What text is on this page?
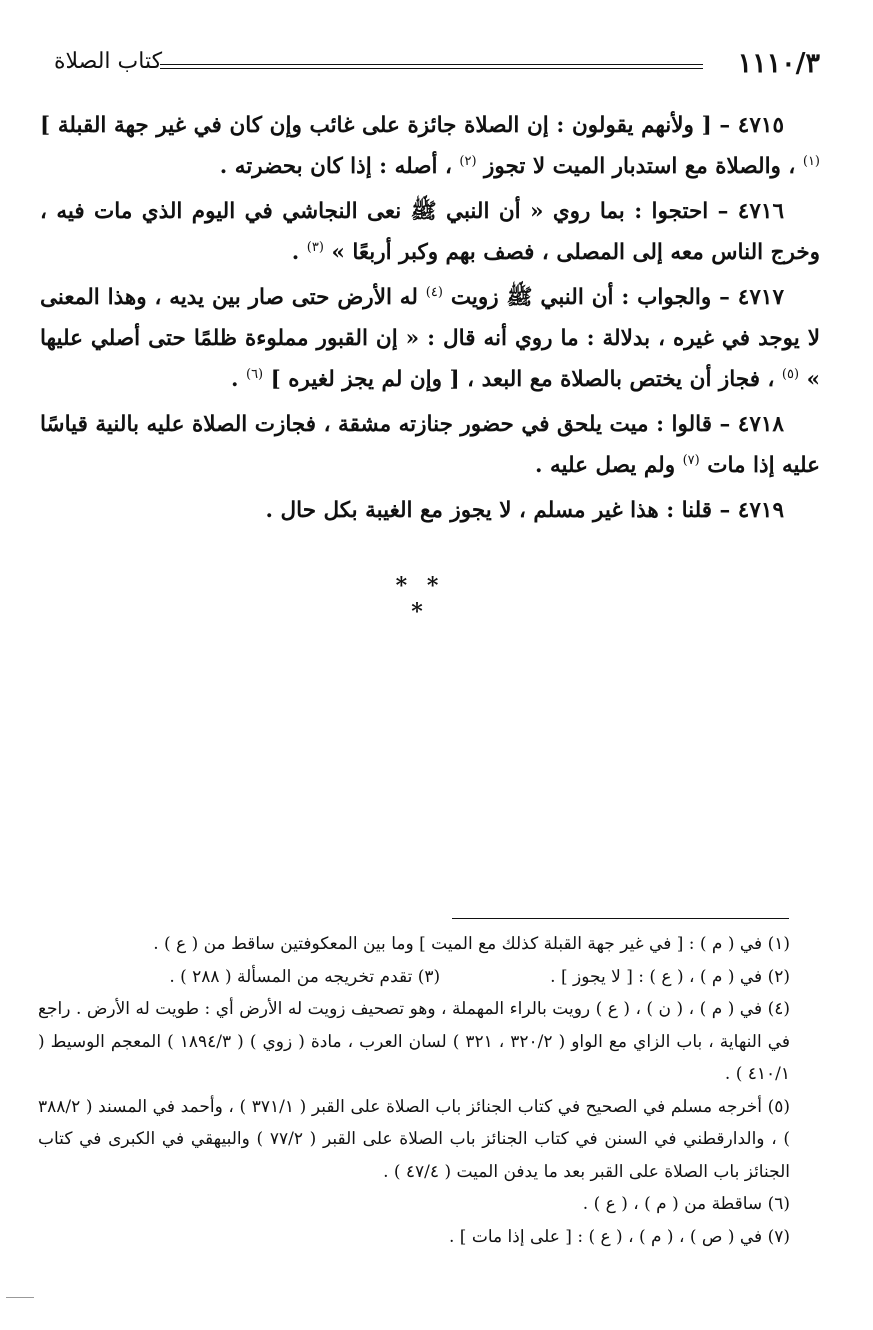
١١١٠/٣
كتاب الصلاة

٤٧١٥ – [ ولأنهم يقولون : إن الصلاة جائزة على غائب وإن كان في غير جهة القبلة ] $^{(١)}$ ، والصلاة مع استدبار الميت لا تجوز $^{(٢)}$ ، أصله : إذا كان بحضرته .

٤٧١٦ – احتجوا : بما روي « أن النبي ﷺ نعى النجاشي في اليوم الذي مات فيه ، وخرج الناس معه إلى المصلى ، فصف بهم وكبر أربعًا » $^{(٣)}$ .

٤٧١٧ – والجواب : أن النبي ﷺ زويت $^{(٤)}$ له الأرض حتى صار بين يديه ، وهذا المعنى لا يوجد في غيره ، بدلالة : ما روي أنه قال : « إن القبور مملوءة ظلمًا حتى أصلي عليها » $^{(٥)}$ ، فجاز أن يختص بالصلاة مع البعد ، [ وإن لم يجز لغيره ] $^{(٦)}$ .

٤٧١٨ – قالوا : ميت يلحق في حضور جنازته مشقة ، فجازت الصلاة عليه بالنية قياسًا عليه إذا مات $^{(٧)}$ ولم يصل عليه .

٤٧١٩ – قلنا : هذا غير مسلم ، لا يجوز مع الغيبة بكل حال .

* * *

(١) في ( م ) : [ في غير جهة القبلة كذلك مع الميت ] وما بين المعكوفتين ساقط من ( ع ) .

(٢) في ( م ) ، ( ع ) : [ لا يجوز ] .
(٣) تقدم تخريجه من المسألة ( ٢٨٨ ) .

(٤) في ( م ) ، ( ن ) ، ( ع ) رويت بالراء المهملة ، وهو تصحيف زويت له الأرض أي : طويت له الأرض . راجع في النهاية ، باب الزاي مع الواو ( ٣٢٠/٢ ، ٣٢١ ) لسان العرب ، مادة ( زوي ) ( ١٨٩٤/٣ ) المعجم الوسيط ( ٤١٠/١ ) .

(٥) أخرجه مسلم في الصحيح في كتاب الجنائز باب الصلاة على القبر ( ٣٧١/١ ) ، وأحمد في المسند ( ٣٨٨/٢ ) ، والدارقطني في السنن في كتاب الجنائز باب الصلاة على القبر ( ٧٧/٢ ) والبيهقي في الكبرى في كتاب الجنائز باب الصلاة على القبر بعد ما يدفن الميت ( ٤٧/٤ ) .

(٦) ساقطة من ( م ) ، ( ع ) .

(٧) في ( ص ) ، ( م ) ، ( ع ) : [ على إذا مات ] .
